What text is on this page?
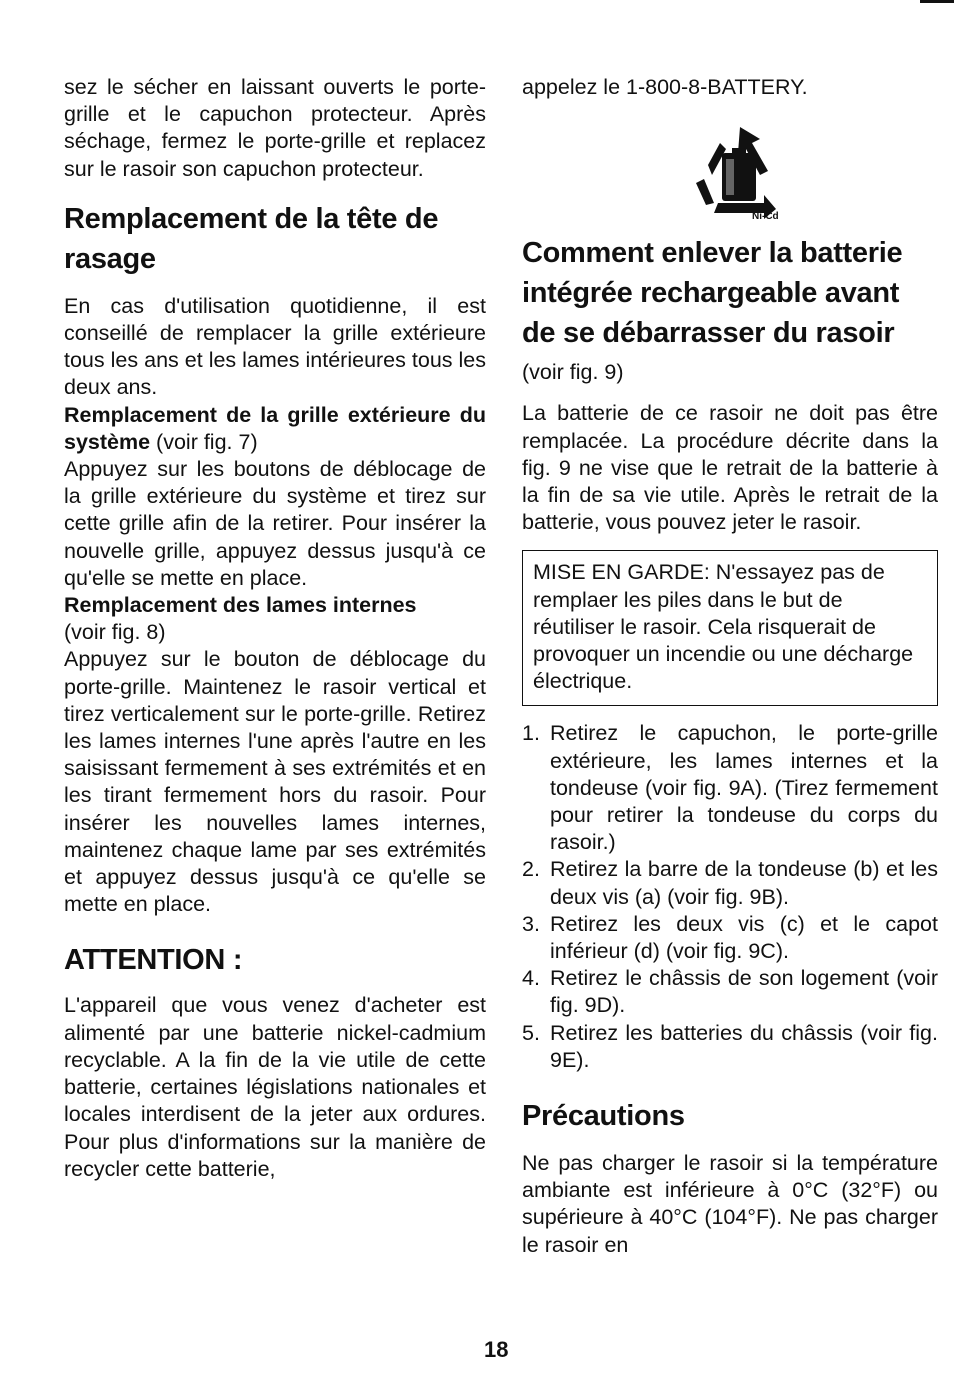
sez le sécher en laissant ouverts le porte-grille et le capuchon protecteur. Après séchage, fermez le porte-grille et replacez sur le rasoir son capuchon protecteur.

Remplacement de la tête de rasage

En cas d'utilisation quotidienne, il est conseillé de remplacer la grille extérieure tous les ans et les lames intérieures tous les deux ans.

Remplacement de la grille extérieure du système (voir fig. 7)

Appuyez sur les boutons de déblocage de la grille extérieure du système et tirez sur cette grille afin de la retirer. Pour insérer la nouvelle grille, appuyez dessus jusqu'à ce qu'elle se mette en place.

Remplacement des lames internes

(voir fig. 8)

Appuyez sur le bouton de déblocage du porte-grille. Maintenez le rasoir vertical et tirez verticalement sur le porte-grille. Retirez les lames internes l'une après l'autre en les saisissant fermement à ses extrémités et en les tirant fermement hors du rasoir. Pour insérer les nouvelles lames internes, maintenez chaque lame par ses extrémités et appuyez dessus jusqu'à ce qu'elle se mette en place.

ATTENTION :

L'appareil que vous venez d'acheter est alimenté par une batterie nickel-cadmium recyclable. A la fin de la vie utile de cette batterie, certaines législations nationales et locales interdisent de la jeter aux ordures. Pour plus d'informations sur la manière de recycler cette batterie,

appelez le 1-800-8-BATTERY.

Ni-Cd
Comment enlever la batterie intégrée rechargeable avant de se débarrasser du rasoir

(voir fig. 9)

La batterie de ce rasoir ne doit pas être remplacée. La procédure décrite dans la fig. 9 ne vise que le retrait de la batterie à la fin de sa vie utile. Après le retrait de la batterie, vous pouvez jeter le rasoir.

MISE EN GARDE: N'essayez pas de remplaer les piles dans le but de réutiliser le rasoir. Cela risquerait de provoquer un incendie ou une décharge électrique.

1. Retirez le capuchon, le porte-grille extérieure, les lames internes et la tondeuse (voir fig. 9A). (Tirez fermement pour retirer la tondeuse du corps du rasoir.)
2. Retirez la barre de la tondeuse (b) et les deux vis (a) (voir fig. 9B).
3. Retirez les deux vis (c) et le capot inférieur (d) (voir fig. 9C).
4. Retirez le châssis de son logement (voir fig. 9D).
5. Retirez les batteries du châssis (voir fig. 9E).
Précautions

Ne pas charger le rasoir si la température ambiante est inférieure à 0°C (32°F) ou supérieure à 40°C (104°F). Ne pas charger le rasoir en

18
